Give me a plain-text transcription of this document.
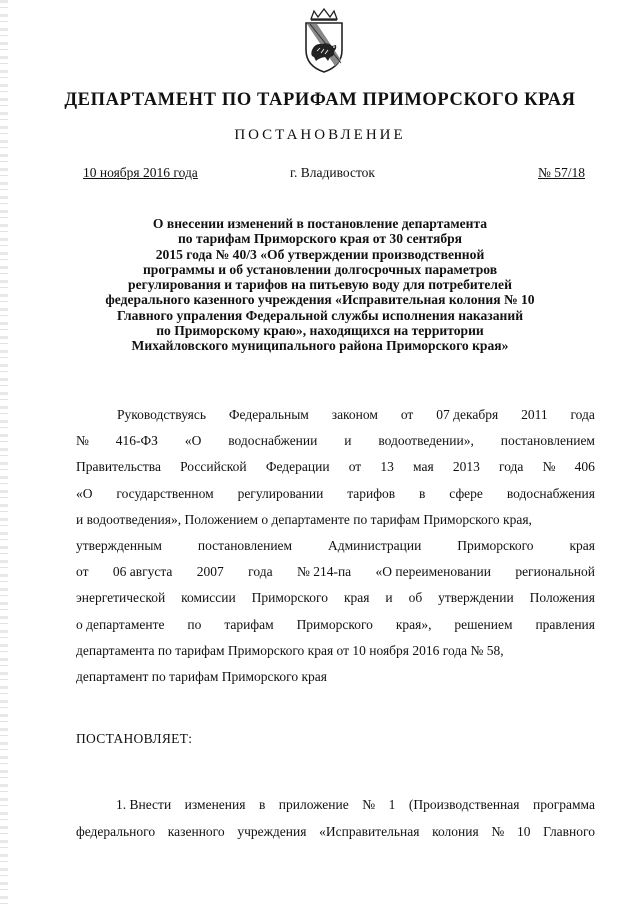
ДЕПАРТАМЕНТ ПО ТАРИФАМ ПРИМОРСКОГО КРАЯ
ПОСТАНОВЛЕНИЕ
10 ноября 2016 года	г. Владивосток	№ 57/18
О внесении изменений в постановление департамента
по тарифам Приморского края от 30 сентября
2015 года № 40/3 «Об утверждении производственной
программы и об установлении долгосрочных параметров
регулирования и тарифов на питьевую воду для потребителей
федерального казенного учреждения «Исправительная колония № 10
Главного упраления Федеральной службы исполнения наказаний
по Приморскому краю», находящихся на территории
Михайловского муниципального района Приморского края»
Руководствуясь Федеральным законом от 07 декабря 2011 года
№ 416-ФЗ «О водоснабжении и водоотведении», постановлением
Правительства Российской Федерации от 13 мая 2013 года № 406
«О государственном регулировании тарифов в сфере водоснабжения
и водоотведения», Положением о департаменте по тарифам Приморского края,
утвержденным	постановлением	Администрации	Приморского	края
от 06 августа 2007 года № 214-па «О переименовании региональной
энергетической комиссии Приморского края и об утверждении Положения
о департаменте по тарифам Приморского края», решением правления
департамента по тарифам Приморского края от 10 ноября 2016 года № 58,
департамент по тарифам Приморского края
ПОСТАНОВЛЯЕТ:
1. Внести изменения в приложение № 1 (Производственная программа
федерального казенного учреждения «Исправительная колония № 10 Главного
